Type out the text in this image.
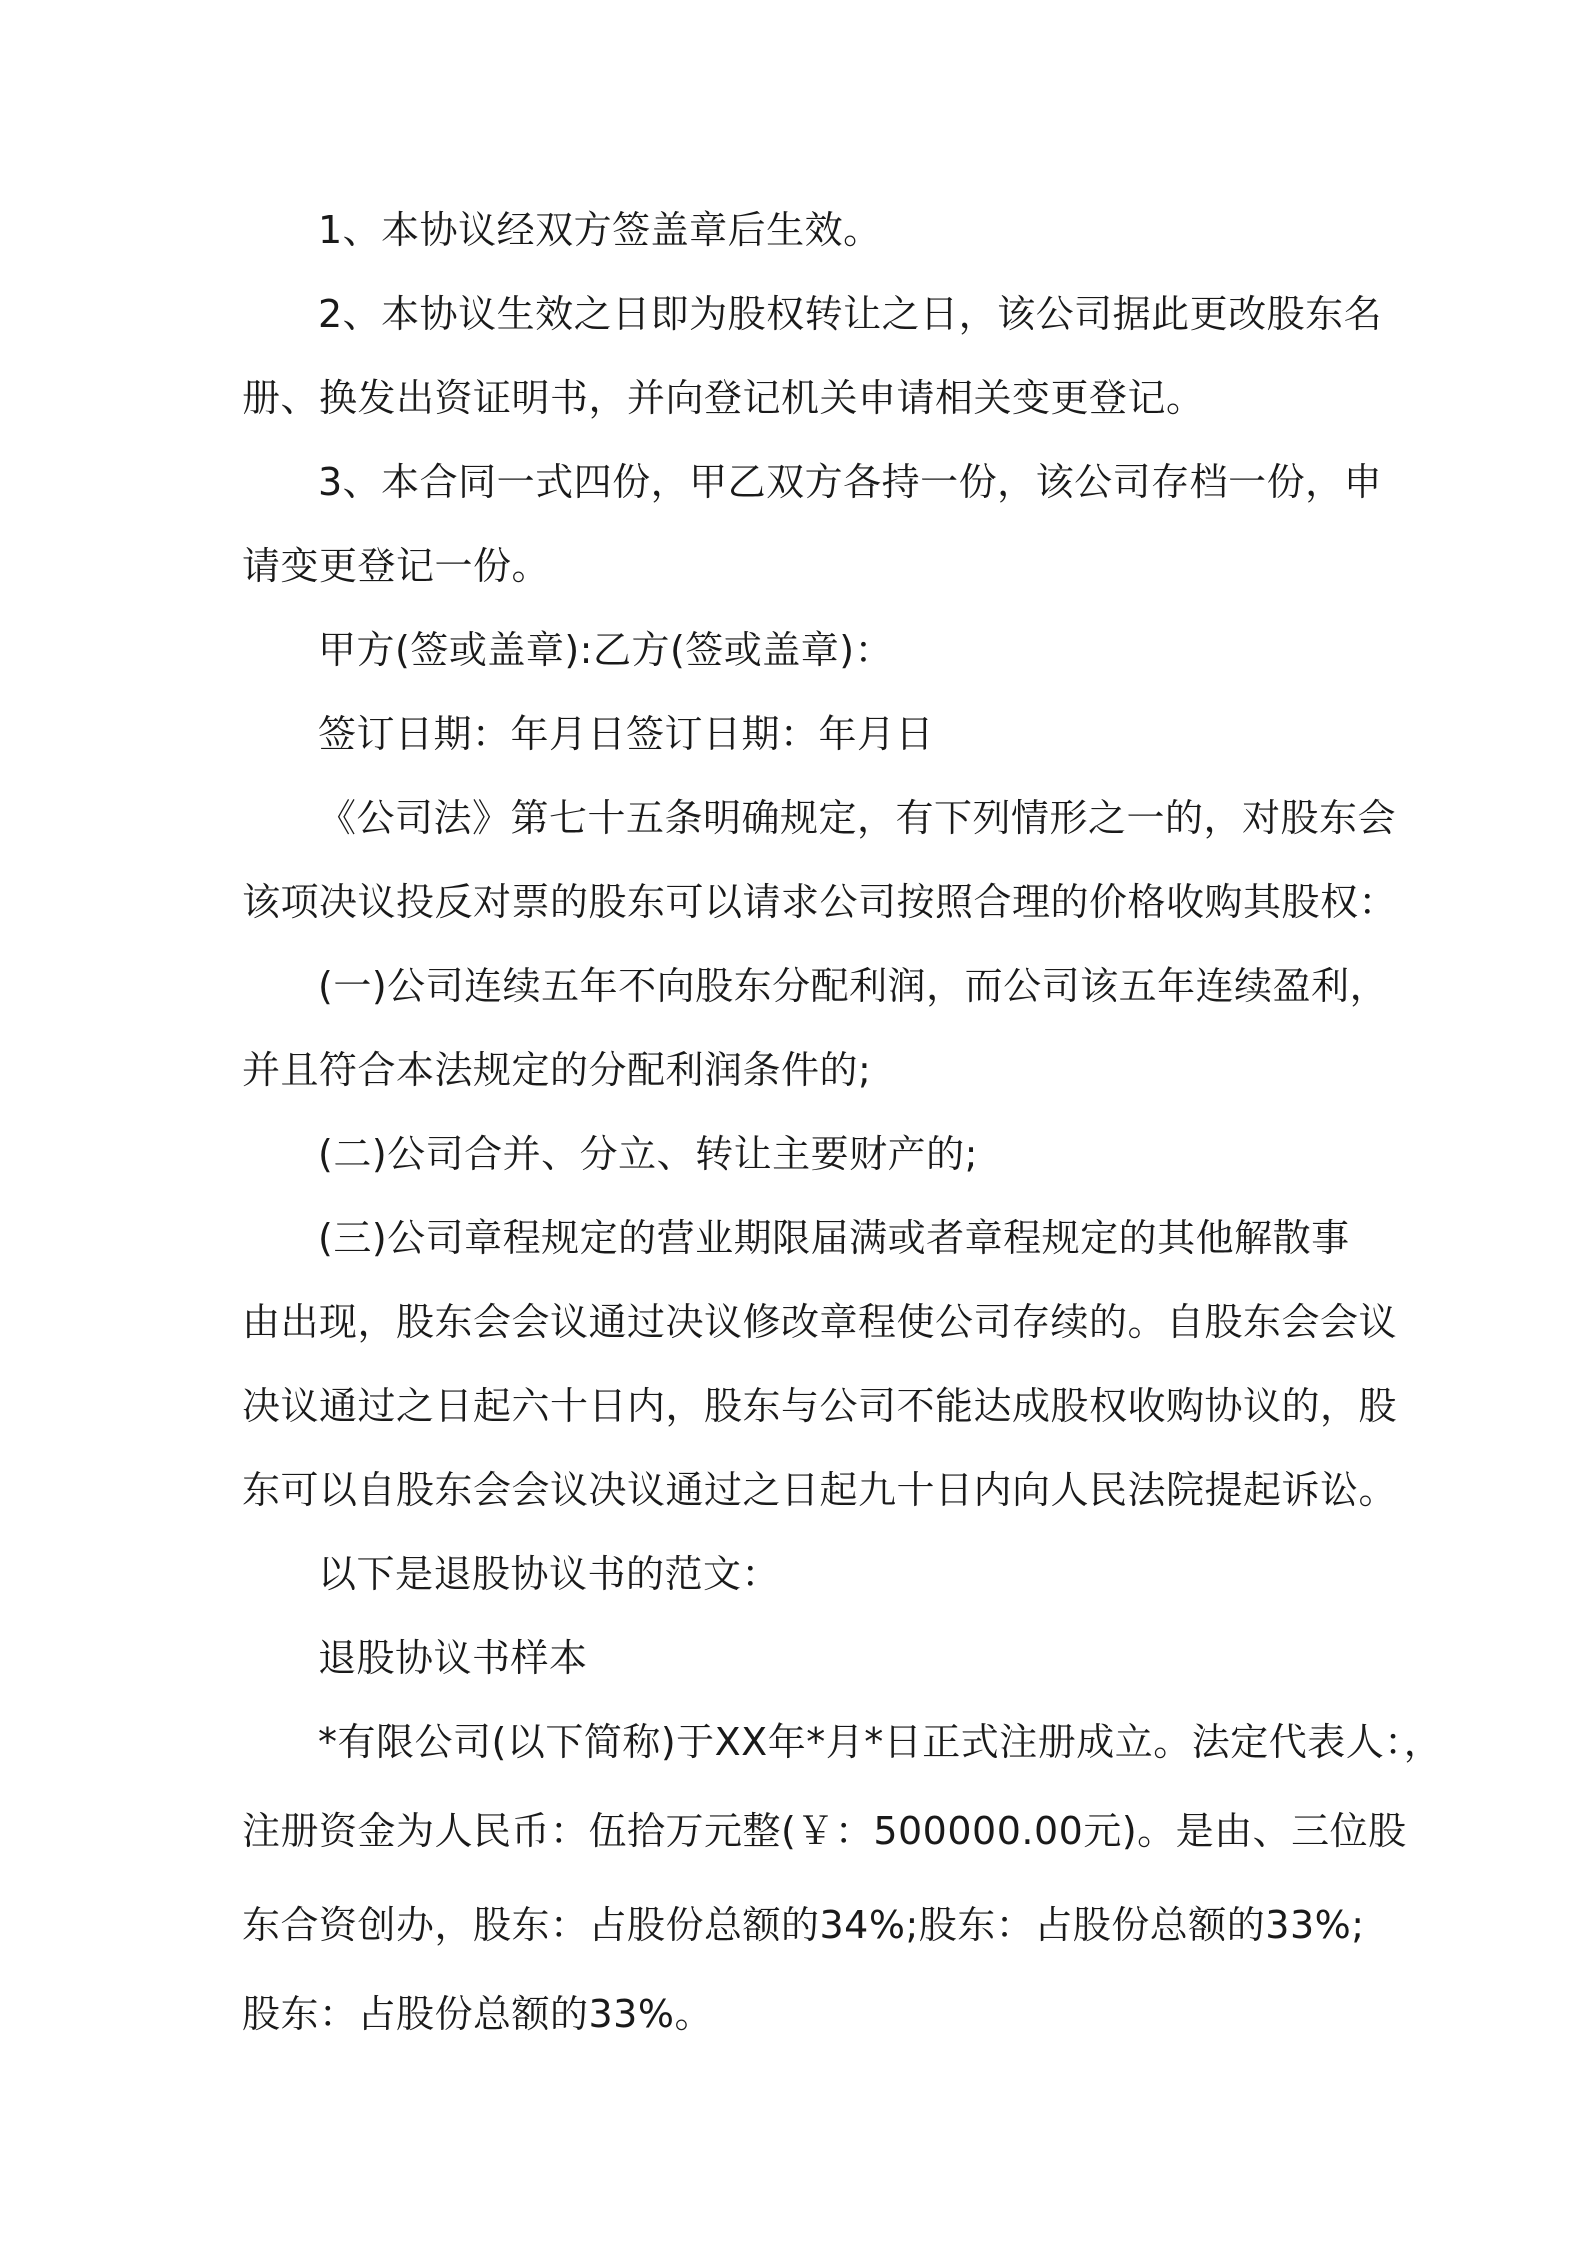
1、本协议经双方签盖章后生效。
2、本协议生效之日即为股权转让之日，该公司据此更改股东名
册、换发出资证明书，并向登记机关申请相关变更登记。
3、本合同一式四份，甲乙双方各持一份，该公司存档一份，申
请变更登记一份。
甲方(签或盖章):乙方(签或盖章)：
签订日期：年月日签订日期：年月日
《公司法》第七十五条明确规定，有下列情形之一的，对股东会
该项决议投反对票的股东可以请求公司按照合理的价格收购其股权：
(一)公司连续五年不向股东分配利润，而公司该五年连续盈利，
并且符合本法规定的分配利润条件的;
(二)公司合并、分立、转让主要财产的;
(三)公司章程规定的营业期限届满或者章程规定的其他解散事
由出现，股东会会议通过决议修改章程使公司存续的。自股东会会议
决议通过之日起六十日内，股东与公司不能达成股权收购协议的，股
东可以自股东会会议决议通过之日起九十日内向人民法院提起诉讼。
以下是退股协议书的范文：
退股协议书样本
*有限公司(以下简称)于XX年*月*日正式注册成立。法定代表人：，
注册资金为人民币：伍拾万元整(￥：500000.00元)。是由、三位股
东合资创办，股东：占股份总额的34%;股东：占股份总额的33%;
股东：占股份总额的33%。
